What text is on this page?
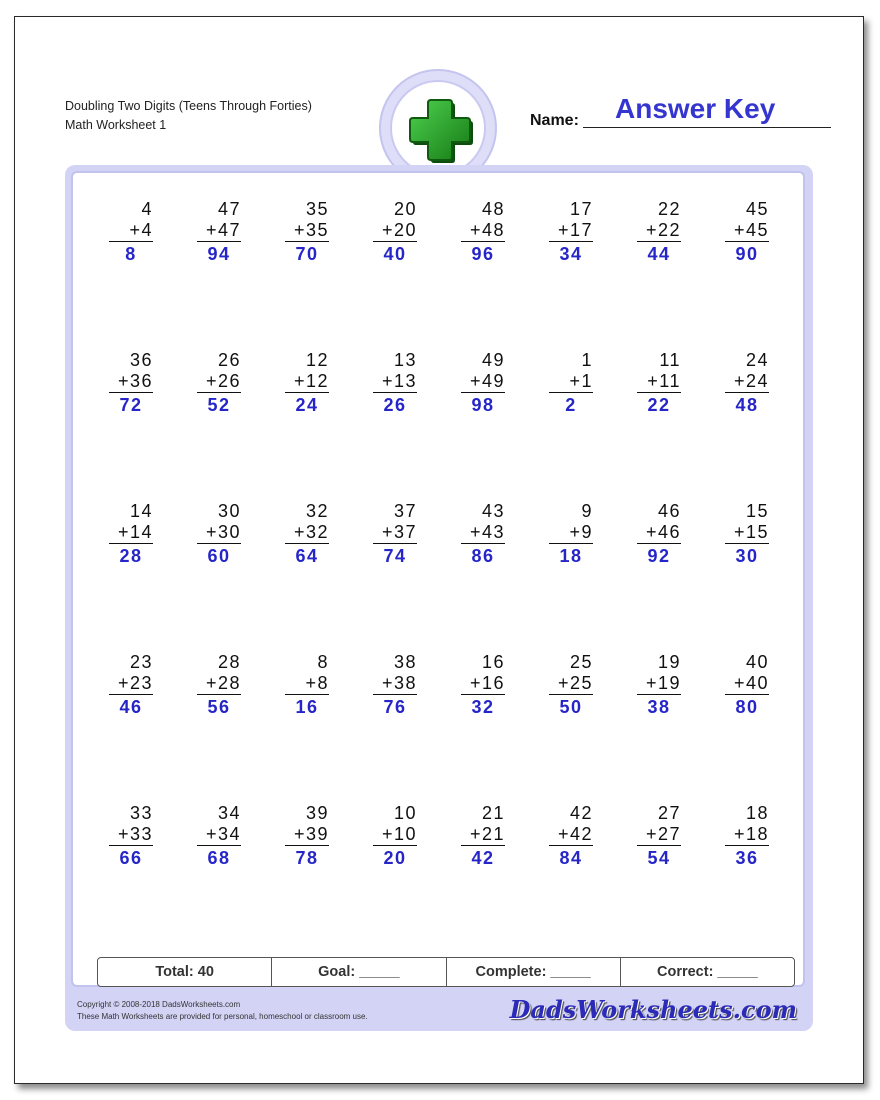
Doubling Two Digits (Teens Through Forties)
Math Worksheet 1	Name: Answer Key
4
+4
8
47
+47
94
35
+35
70
20
+20
40
48
+48
96
17
+17
34
22
+22
44
45
+45
90
36
+36
72
26
+26
52
12
+12
24
13
+13
26
49
+49
98
1
+1
2
11
+11
22
24
+24
48
14
+14
28
30
+30
60
32
+32
64
37
+37
74
43
+43
86
9
+9
18
46
+46
92
15
+15
30
23
+23
46
28
+28
56
8
+8
16
38
+38
76
16
+16
32
25
+25
50
19
+19
38
40
+40
80
33
+33
66
34
+34
68
39
+39
78
10
+10
20
21
+21
42
42
+42
84
27
+27
54
18
+18
36
Total: 40	Goal: _____	Complete: _____	Correct: _____
Copyright © 2008-2018 DadsWorksheets.com
These Math Worksheets are provided for personal, homeschool or classroom use.	DadsWorksheets.com
